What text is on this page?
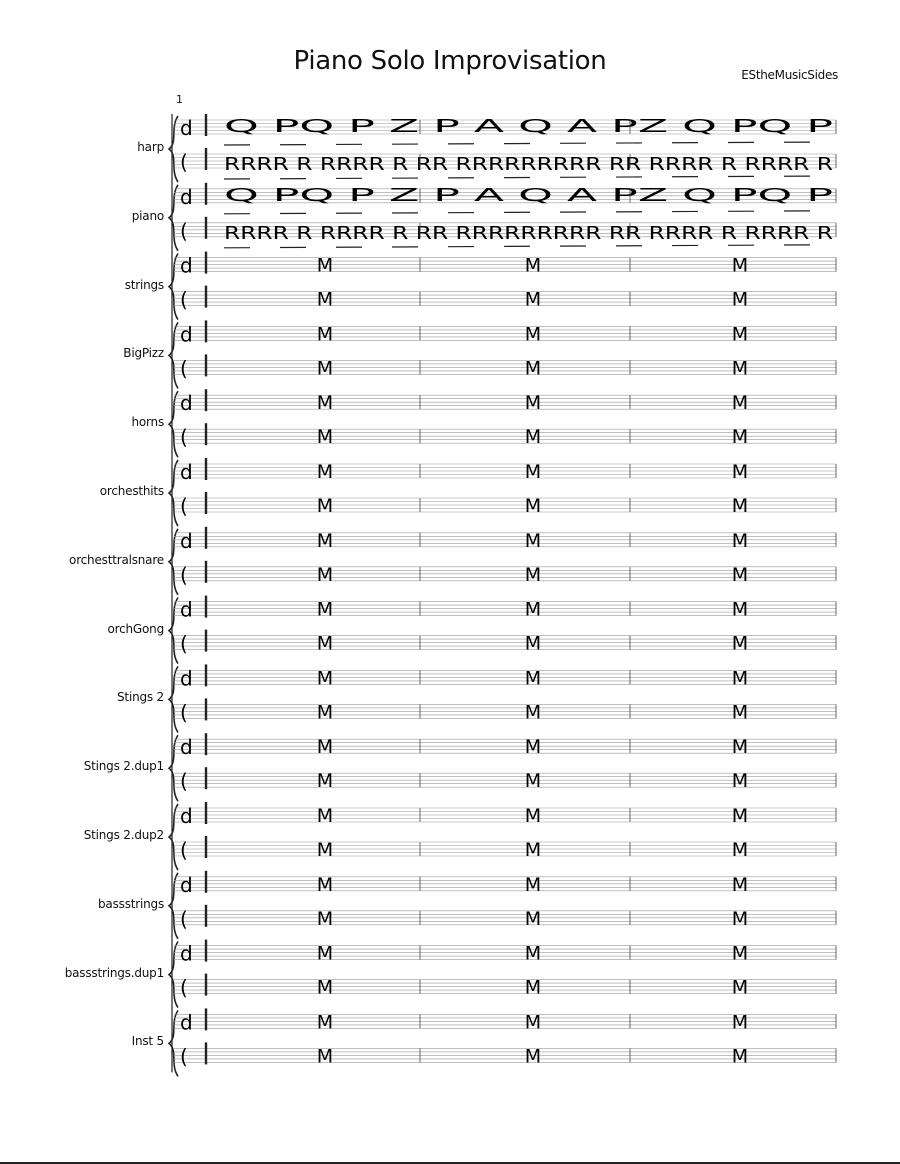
Piano Solo Improvisation	EStheMusicSides
1
d Q PQ P Z P A Q A PZ Q PQ P
( RRRR R RRRR R RR RRRRRRRRR RR RRRR R RRRR R
d Q PQ P Z P A Q A PZ Q PQ P
( RRRR R RRRR R RR RRRRRRRRR RR RRRR R RRRR R
d	M	M	M
(	M	M	M
d	M	M	M
(	M	M	M
d	M	M	M
(	M	M	M
d	M	M	M
(	M	M	M
d	M	M	M
(	M	M	M
d	M	M	M
(	M	M	M
d	M	M	M
(	M	M	M
d	M	M	M
(	M	M	M
d	M	M	M
(	M	M	M
d	M	M	M
(	M	M	M
d	M	M	M
(	M	M	M
d	M	M	M
(	M	M	M
harp
piano
strings
BigPizz
horns
orchesthits
orchesttralsnare
orchGong
Stings 2
Stings 2.dup1
Stings 2.dup2
bassstrings
bassstrings.dup1
Inst 5
